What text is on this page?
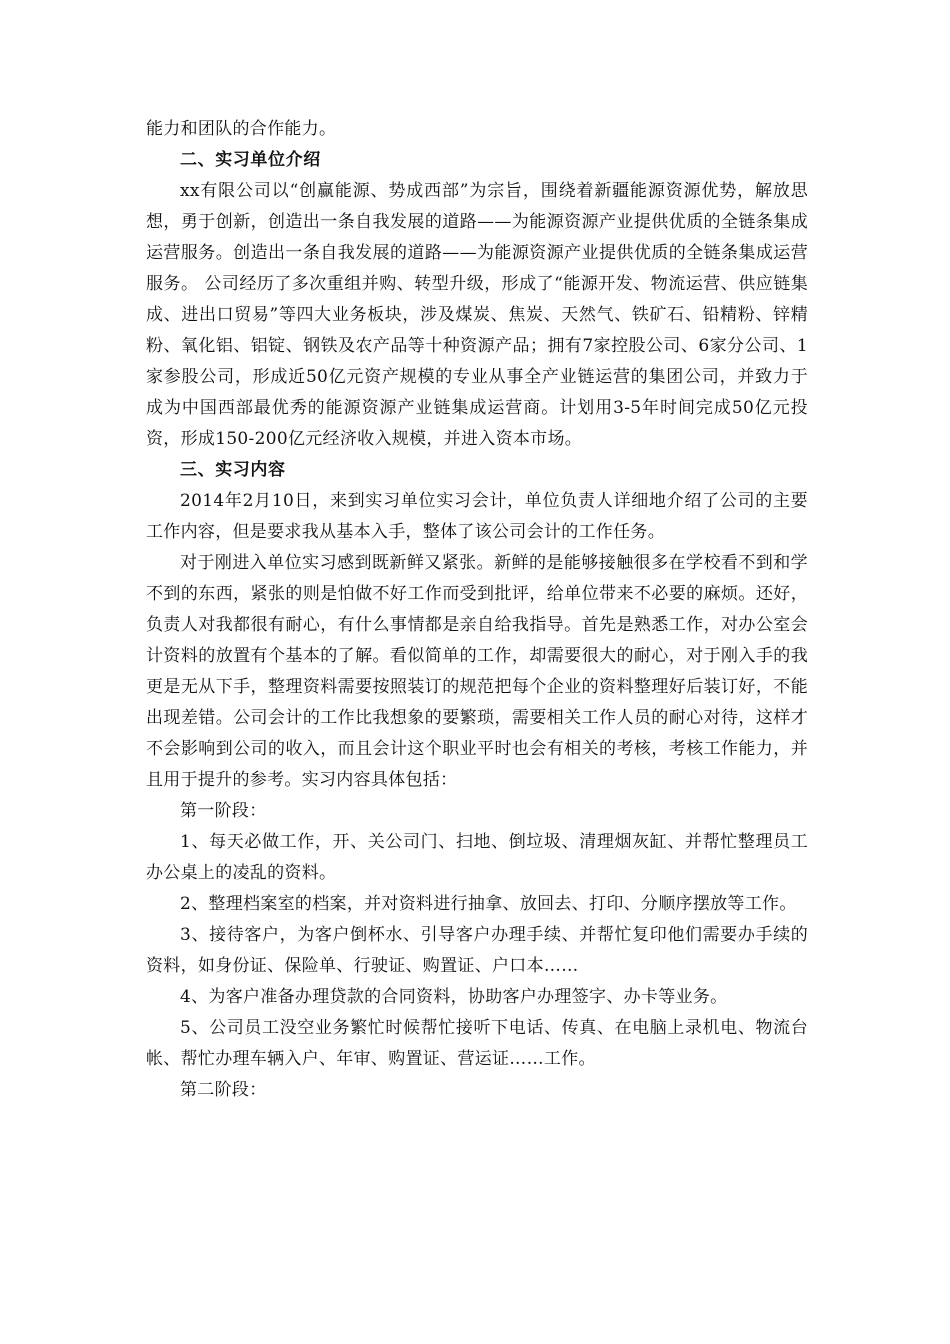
能力和团队的合作能力。

二、实习单位介绍

xx有限公司以“创赢能源、势成西部”为宗旨，围绕着新疆能源资源优势，解放思想，勇于创新，创造出一条自我发展的道路——为能源资源产业提供优质的全链条集成运营服务。创造出一条自我发展的道路——为能源资源产业提供优质的全链条集成运营服务。 公司经历了多次重组并购、转型升级，形成了“能源开发、物流运营、供应链集成、进出口贸易”等四大业务板块，涉及煤炭、焦炭、天然气、铁矿石、铅精粉、锌精粉、氧化铝、铝锭、钢铁及农产品等十种资源产品；拥有7家控股公司、6家分公司、1家参股公司，形成近50亿元资产规模的专业从事全产业链运营的集团公司，并致力于成为中国西部最优秀的能源资源产业链集成运营商。计划用3-5年时间完成50亿元投资，形成150-200亿元经济收入规模，并进入资本市场。

三、实习内容

2014年2月10日，来到实习单位实习会计，单位负责人详细地介绍了公司的主要工作内容，但是要求我从基本入手，整体了该公司会计的工作任务。

对于刚进入单位实习感到既新鲜又紧张。新鲜的是能够接触很多在学校看不到和学不到的东西，紧张的则是怕做不好工作而受到批评，给单位带来不必要的麻烦。还好，负责人对我都很有耐心，有什么事情都是亲自给我指导。首先是熟悉工作，对办公室会计资料的放置有个基本的了解。看似简单的工作，却需要很大的耐心，对于刚入手的我更是无从下手，整理资料需要按照装订的规范把每个企业的资料整理好后装订好，不能出现差错。公司会计的工作比我想象的要繁琐，需要相关工作人员的耐心对待，这样才不会影响到公司的收入，而且会计这个职业平时也会有相关的考核，考核工作能力，并且用于提升的参考。实习内容具体包括：

第一阶段：

1、每天必做工作，开、关公司门、扫地、倒垃圾、清理烟灰缸、并帮忙整理员工办公桌上的凌乱的资料。

2、整理档案室的档案，并对资料进行抽拿、放回去、打印、分顺序摆放等工作。

3、接待客户，为客户倒杯水、引导客户办理手续、并帮忙复印他们需要办手续的资料，如身份证、保险单、行驶证、购置证、户口本……

4、为客户准备办理贷款的合同资料，协助客户办理签字、办卡等业务。

5、公司员工没空业务繁忙时候帮忙接听下电话、传真、在电脑上录机电、物流台帐、帮忙办理车辆入户、年审、购置证、营运证……工作。

第二阶段：
